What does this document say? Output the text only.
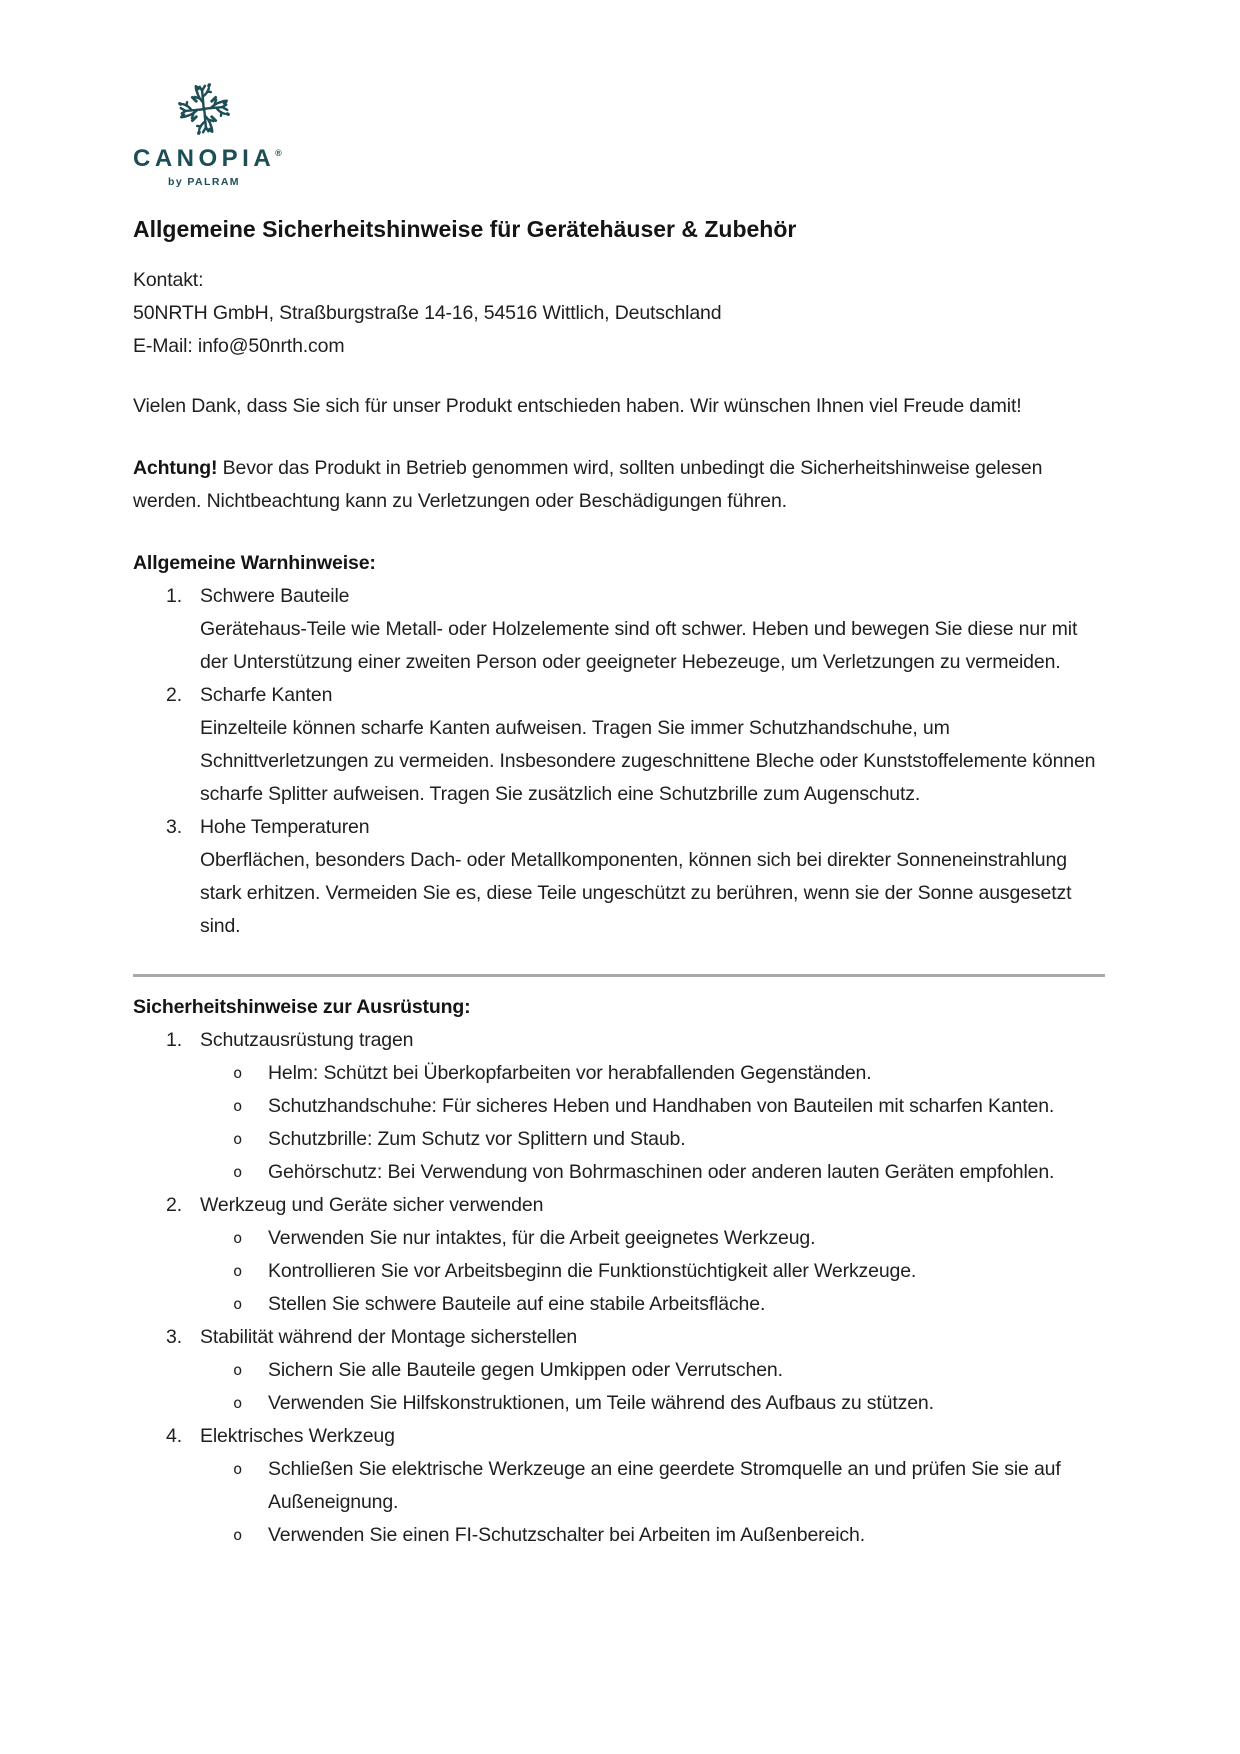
CANOPIA®
by PALRAM
Allgemeine Sicherheitshinweise für Gerätehäuser & Zubehör
Kontakt:
50NRTH GmbH, Straßburgstraße 14-16, 54516 Wittlich, Deutschland
E-Mail: info@50nrth.com

Vielen Dank, dass Sie sich für unser Produkt entschieden haben. Wir wünschen Ihnen viel Freude damit!

Achtung! Bevor das Produkt in Betrieb genommen wird, sollten unbedingt die Sicherheitshinweise gelesen werden. Nichtbeachtung kann zu Verletzungen oder Beschädigungen führen.

Allgemeine Warnhinweise:
1. Schwere Bauteile
Gerätehaus-Teile wie Metall- oder Holzelemente sind oft schwer. Heben und bewegen Sie diese nur mit der Unterstützung einer zweiten Person oder geeigneter Hebezeuge, um Verletzungen zu vermeiden.
2. Scharfe Kanten
Einzelteile können scharfe Kanten aufweisen. Tragen Sie immer Schutzhandschuhe, um Schnittverletzungen zu vermeiden. Insbesondere zugeschnittene Bleche oder Kunststoffelemente können scharfe Splitter aufweisen. Tragen Sie zusätzlich eine Schutzbrille zum Augenschutz.
3. Hohe Temperaturen
Oberflächen, besonders Dach- oder Metallkomponenten, können sich bei direkter Sonneneinstrahlung stark erhitzen. Vermeiden Sie es, diese Teile ungeschützt zu berühren, wenn sie der Sonne ausgesetzt sind.
Sicherheitshinweise zur Ausrüstung:
1. Schutzausrüstung tragen
o	Helm: Schützt bei Überkopfarbeiten vor herabfallenden Gegenständen.
o	Schutzhandschuhe: Für sicheres Heben und Handhaben von Bauteilen mit scharfen Kanten.
o	Schutzbrille: Zum Schutz vor Splittern und Staub.
o	Gehörschutz: Bei Verwendung von Bohrmaschinen oder anderen lauten Geräten empfohlen.
2. Werkzeug und Geräte sicher verwenden
o	Verwenden Sie nur intaktes, für die Arbeit geeignetes Werkzeug.
o	Kontrollieren Sie vor Arbeitsbeginn die Funktionstüchtigkeit aller Werkzeuge.
o	Stellen Sie schwere Bauteile auf eine stabile Arbeitsfläche.
3. Stabilität während der Montage sicherstellen
o	Sichern Sie alle Bauteile gegen Umkippen oder Verrutschen.
o	Verwenden Sie Hilfskonstruktionen, um Teile während des Aufbaus zu stützen.
4. Elektrisches Werkzeug
o	Schließen Sie elektrische Werkzeuge an eine geerdete Stromquelle an und prüfen Sie sie auf Außeneignung.
o	Verwenden Sie einen FI-Schutzschalter bei Arbeiten im Außenbereich.
